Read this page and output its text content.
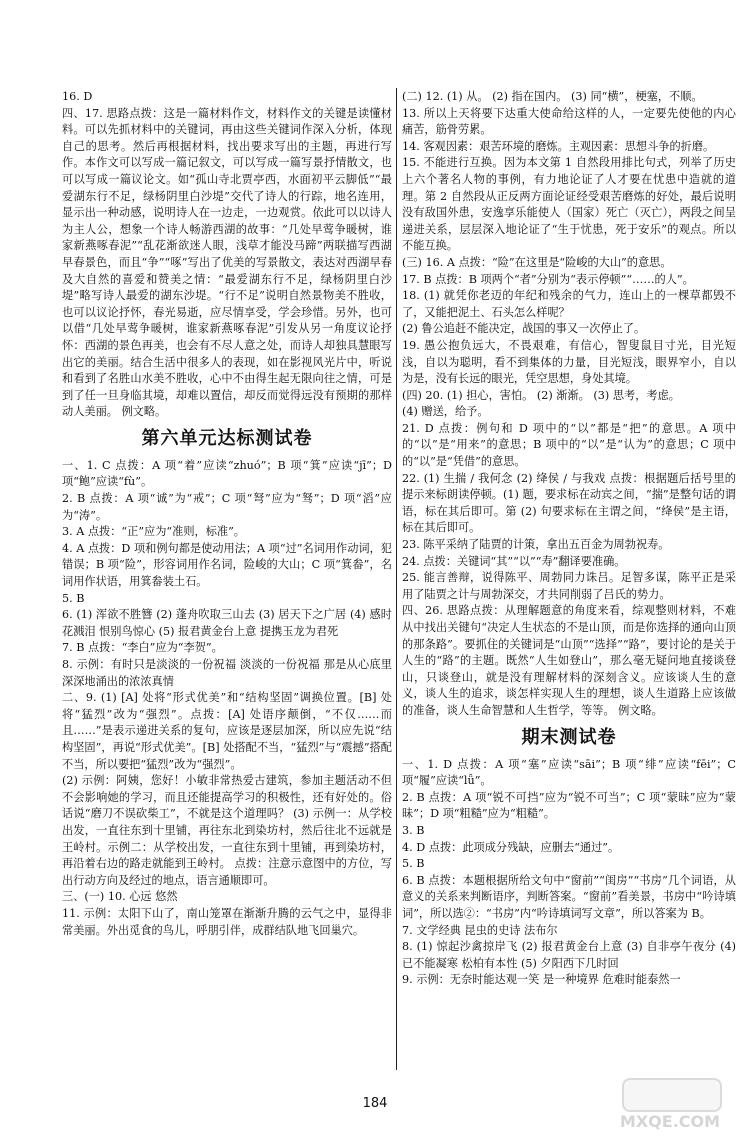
16. D

四、17. 思路点拨：这是一篇材料作文，材料作文的关键是读懂材料。可以先抓材料中的关键词，再由这些关键词作深入分析，体现自己的思考。然后再根据材料，找出要求写出的主题，再进行写作。本作文可以写成一篇记叙文，可以写成一篇写景抒情散文，也可以写成一篇议论文。如“孤山寺北贾亭西，水面初平云脚低”“最爱湖东行不足，绿杨阴里白沙堤”交代了诗人的行踪，地名连用，显示出一种动感，说明诗人在一边走，一边观赏。依此可以以诗人为主人公，想象一个诗人畅游西湖的故事：“几处早莺争暖树，谁家新燕啄春泥”“乱花渐欲迷人眼，浅草才能没马蹄”两联描写西湖早春景色，而且“争”“啄”写出了优美的写景散文，表达对西湖早春及大自然的喜爱和赞美之情：“最爱湖东行不足，绿杨阴里白沙堤”略写诗人最爱的湖东沙堤。“行不足”说明自然景物美不胜收，也可以议论抒怀，春光易逝，应尽情享受，学会珍惜。另外，也可以借“几处早莺争暖树，谁家新燕啄春泥”引发从另一角度议论抒怀：西湖的景色再美，也会有不尽人意之处，而诗人却独具慧眼写出它的美丽。结合生活中很多人的表现，如在影视风光片中，听说和看到了名胜山水美不胜收，心中不由得生起无限向往之情，可是到了任一旦身临其境，却难以置信，却反而觉得远没有预期的那样动人美丽。 例文略。

第六单元达标测试卷

一、1. C 点拨：A 项“着”应读“zhuó”；B 项“箕”应读“jī”；D 项“鲍”应读“fù”。

2. B 点拨：A 项“诚”为“戒”；C 项“弩”应为“驽”；D 项“滔”应为“涛”。

3. A 点拨：“正”应为“准则，标准”。

4. A 点拨：D 项和例句都是使动用法；A 项“过”名词用作动词，犯错误；B 项“险”，形容词用作名词，险峻的大山；C 项“箕畚”，名词用作状语，用箕畚装土石。

5. B

6. (1) 浑欲不胜簪 (2) 蓬舟吹取三山去 (3) 居天下之广居 (4) 感时花溅泪 恨别鸟惊心 (5) 报君黄金台上意 提携玉龙为君死

7. B 点拨：“李白”应为“李贺”。

8. 示例：有时只是淡淡的一份祝福 淡淡的一份祝福 那是从心底里深深地涌出的浓浓真情

二、9. (1) [A] 处将“形式优美”和“结构坚固”调换位置。[B] 处将“猛烈”改为“强烈”。点拨：[A] 处语序颠倒，“不仅……而且……”是表示递进关系的复句，应该是逐层加深，所以应先说“结构坚固”，再说“形式优美”。[B] 处搭配不当，“猛烈”与“震撼”搭配不当，所以要把“猛烈”改为“强烈”。

(2) 示例：阿姨，您好！小敏非常热爱古建筑，参加主题活动不但不会影响她的学习，而且还能提高学习的积极性，还有好处的。俗话说“磨刀不误砍柴工”，不就是这个道理吗？ (3) 示例一：从学校出发，一直往东到十里铺，再往东北到染坊村，然后往北不远就是王岭村。示例二：从学校出发，一直往东到十里铺，再到染坊村，再沿着右边的路走就能到王岭村。 点拨：注意示意图中的方位，写出行动方向及经过的地点，语言通顺即可。

三、(一) 10. 心远 悠然

11. 示例：太阳下山了，南山笼罩在渐渐升腾的云气之中，显得非常美丽。外出觅食的鸟儿，呼朋引伴，成群结队地飞回巢穴。

(二) 12. (1) 从。 (2) 指在国内。 (3) 同“横”，梗塞，不顺。

13. 所以上天将要下达重大使命给这样的人，一定要先使他的内心痛苦，筋骨劳累。

14. 客观因素：艰苦环境的磨炼。主观因素：思想斗争的折磨。

15. 不能进行互换。因为本文第 1 自然段用排比句式，列举了历史上六个著名人物的事例，有力地论证了人才要在忧患中造就的道理。第 2 自然段从正反两方面论证经受艰苦磨炼的好处，最后说明没有敌国外患，安逸享乐能使人（国家）死亡（灭亡），两段之间呈递进关系，层层深入地论证了“生于忧患，死于安乐”的观点。所以不能互换。

(三) 16. A 点拨：“险”在这里是“险峻的大山”的意思。

17. B 点拨：B 项两个“者”分别为“表示停顿”“……的人”。

18. (1) 就凭你老迈的年纪和残余的气力，连山上的一棵草都毁不了，又能把泥土、石头怎么样呢？

(2) 鲁公追赶不能决定，战国的事又一次停止了。

19. 愚公抱负远大，不畏艰难，有信心，智叟鼠目寸光，目光短浅，自以为聪明，看不到集体的力量，目光短浅，眼界窄小，自以为是，没有长远的眼光，凭空思想，身处其境。

(四) 20. (1) 担心，害怕。 (2) 渐渐。 (3) 思考，考虑。

(4) 赠送，给予。

21. D 点拨：例句和 D 项中的“以”都是“把”的意思。A 项中的“以”是“用来”的意思；B 项中的“以”是“认为”的意思；C 项中的“以”是“凭借”的意思。

22. (1) 生揣 / 我何念 (2) 绛侯 / 与我戏 点拨：根据题后括号里的提示来标朗读停顿。(1) 题，要求标在动宾之间，“揣”是整句话的谓语，标在其后即可。第 (2) 句要求标在主谓之间，“绛侯”是主语，标在其后即可。

23. 陈平采纳了陆贾的计策，拿出五百金为周勃祝寿。

24. 点拨：关键词“其”“以”“寿”翻译要准确。

25. 能言善辩，说得陈平、周勃同力诛吕。足智多谋，陈平正是采用了陆贾之计与周勃深交，才共同削弱了吕氏的势力。

四、26. 思路点拨：从理解题意的角度来看，综观整则材料，不难从中找出关键句“决定人生状态的不是山顶，而是你选择的通向山顶的那条路”。要抓住的关键词是“山顶”“选择”“路”，要讨论的是关于人生的“路”的主题。既然“人生如登山”，那么毫无疑问地直接谈登山，只谈登山，就是没有理解材料的深刻含义。应该谈人生的意义，谈人生的追求，谈怎样实现人生的理想，谈人生道路上应该做的准备，谈人生命智慧和人生哲学，等等。 例文略。

期末测试卷

一、1. D 点拨：A 项“塞”应读“sāi”；B 项“绯”应读“fēi”；C 项“履”应读“lǚ”。

2. B 点拨：A 项“锐不可挡”应为“锐不可当”；C 项“蒙昧”应为“蒙昧”；D 项“粗糙”应为“粗糙”。

3. B

4. D 点拨：此项成分残缺，应删去“通过”。

5. B

6. B 点拨：本题根据所给文句中“窗前”“闺房”“书房”几个词语，从意义的关系来判断语序，判断答案。“窗前”看美景，书房中“吟诗填词”，所以选②：“书房”内“吟诗填词写文章”，所以答案为 B。

7. 文学经典 昆虫的史诗 法布尔

8. (1) 惊起沙禽掠岸飞 (2) 报君黄金台上意 (3) 自非亭午夜分 (4) 已不能凝寒 松柏有本性 (5) 夕阳西下几时回

9. 示例：无奈时能达观一笑 是一种境界 危难时能泰然一

184
MXQE.COM
